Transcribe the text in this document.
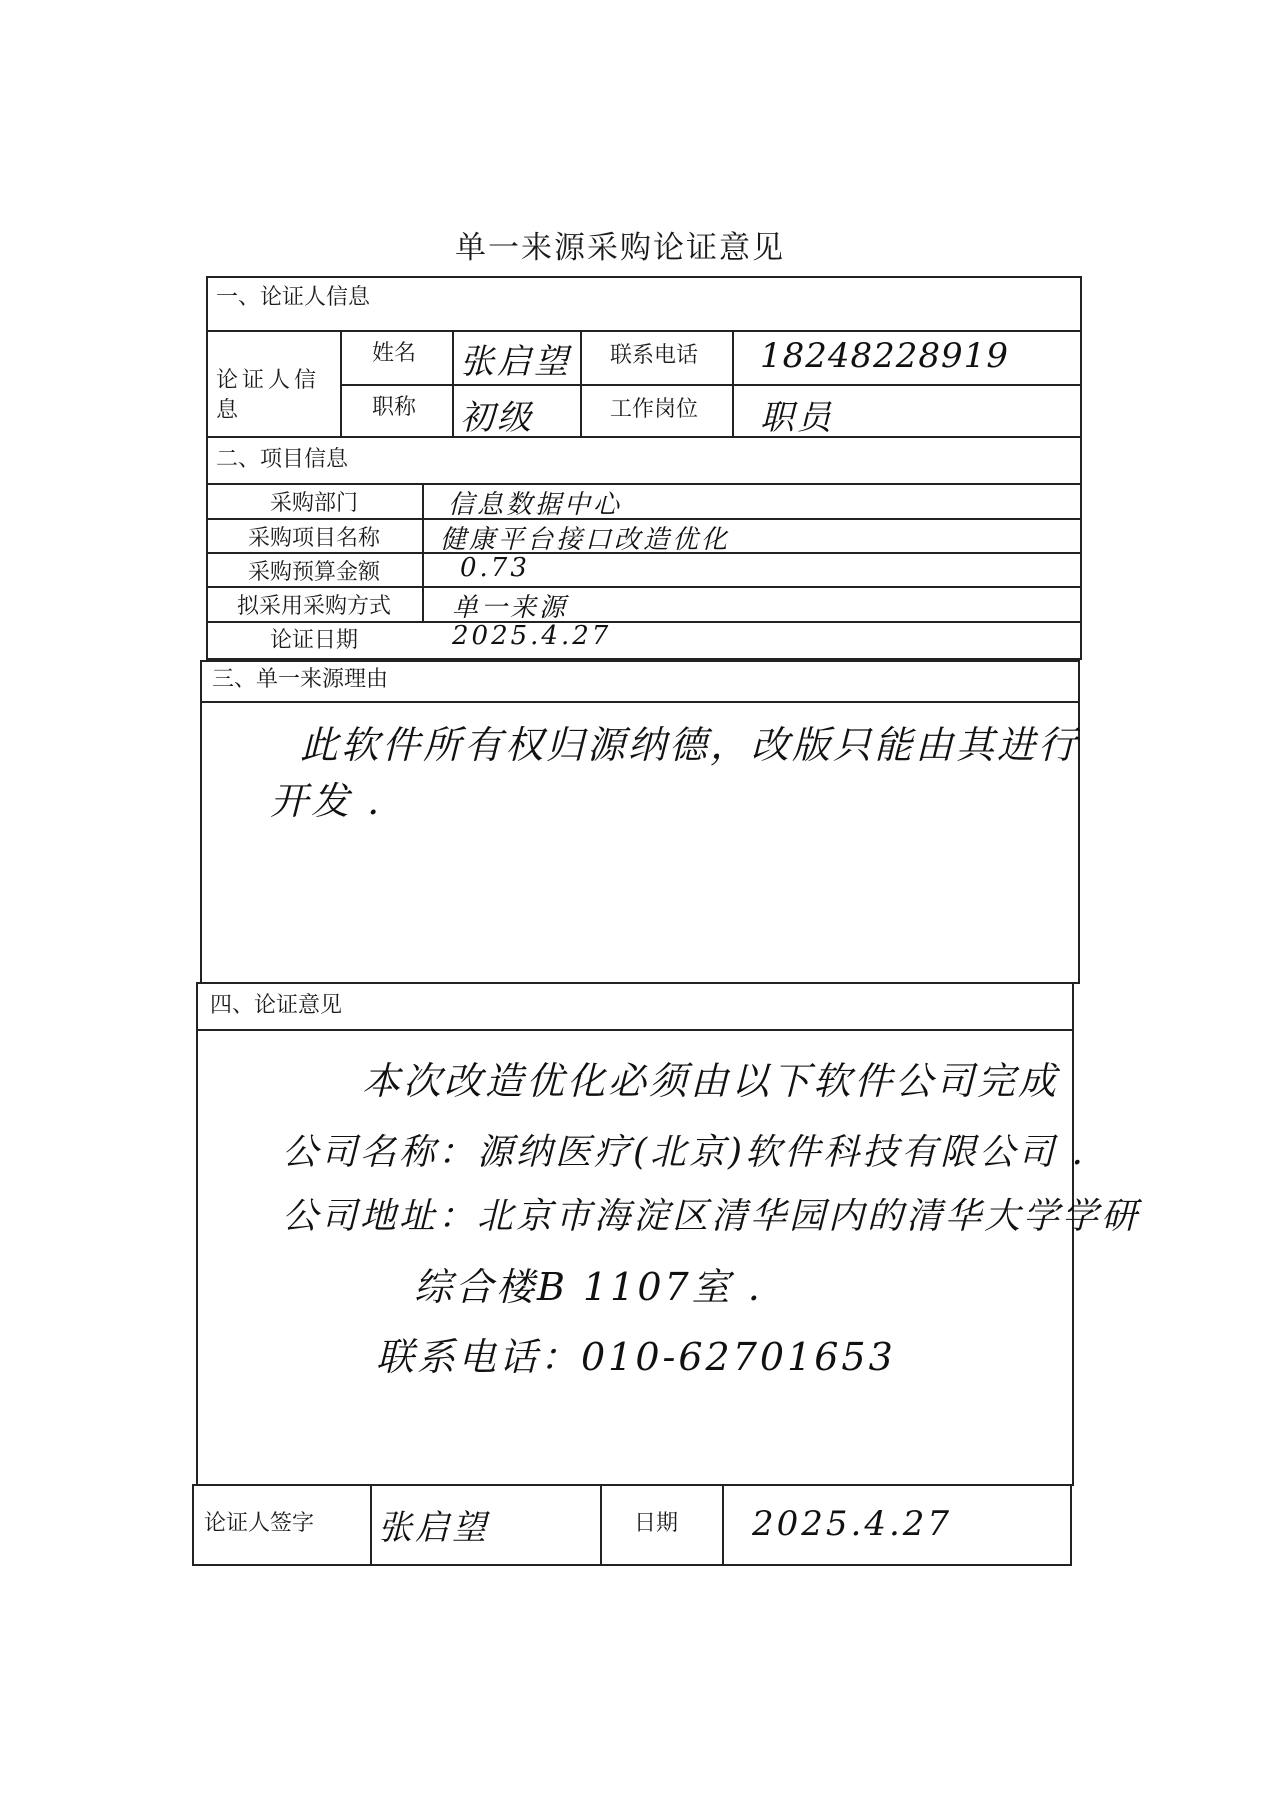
单一来源采购论证意见
一、论证人信息
论证人信息
姓名 张启望 联系电话 18248228919
职称 初级	工作岗位 职员
二、项目信息
采购部门	信息数据中心
采购项目名称	健康平台接口改造优化
采购预算金额	0.73
拟采用采购方式	单一来源
论证日期	2025.4.27
三、单一来源理由
此软件所有权归源纳德，改版只能由其进行
开发 .
四、论证意见
本次改造优化必须由以下软件公司完成
公司名称：源纳医疗(北京)软件科技有限公司 .
公司地址：北京市海淀区清华园内的清华大学学研
综合楼B 1107室 .
联系电话：010-62701653
论证人签字 张启望	日期 2025.4.27
